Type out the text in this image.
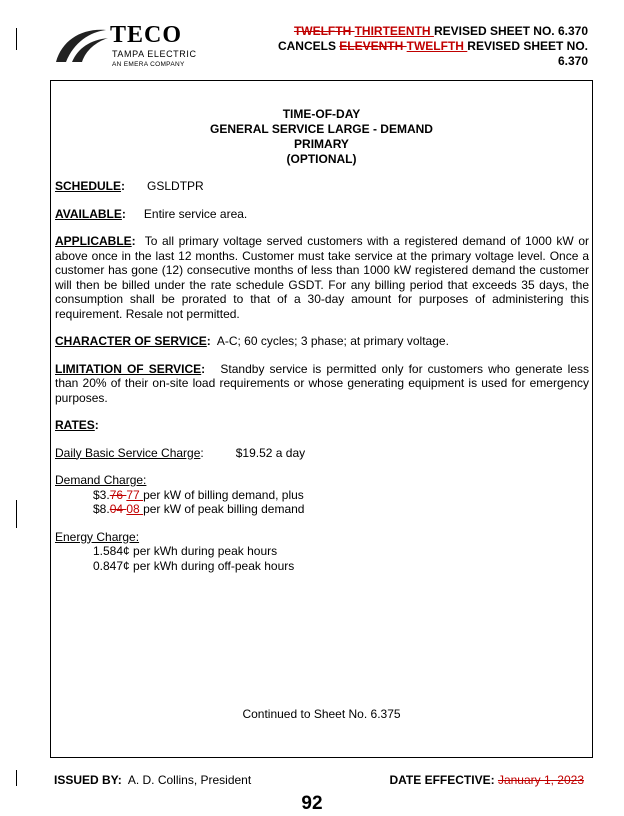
TECO
TAMPA ELECTRIC
AN EMERA COMPANY
TWELFTH THIRTEENTH REVISED SHEET NO. 6.370
CANCELS ELEVENTH TWELFTH REVISED SHEET NO.
6.370
TIME-OF-DAY
GENERAL SERVICE LARGE - DEMAND
PRIMARY
(OPTIONAL)

SCHEDULE: GSLDTPR

AVAILABLE: Entire service area.

APPLICABLE: To all primary voltage served customers with a registered demand of 1000 kW or above once in the last 12 months. Customer must take service at the primary voltage level. Once a customer has gone (12) consecutive months of less than 1000 kW registered demand the customer will then be billed under the rate schedule GSDT. For any billing period that exceeds 35 days, the consumption shall be prorated to that of a 30-day amount for purposes of administering this requirement. Resale not permitted.

CHARACTER OF SERVICE: A-C; 60 cycles; 3 phase; at primary voltage.

LIMITATION OF SERVICE: Standby service is permitted only for customers who generate less than 20% of their on-site load requirements or whose generating equipment is used for emergency purposes.

RATES:

Daily Basic Service Charge:	$19.52 a day

Demand Charge:
$3.76 77 per kW of billing demand, plus
$8.04 08 per kW of peak billing demand
Energy Charge:
1.584¢ per kWh during peak hours
0.847¢ per kWh during off-peak hours
Continued to Sheet No. 6.375
ISSUED BY: A. D. Collins, President	DATE EFFECTIVE: January 1, 2023
92
